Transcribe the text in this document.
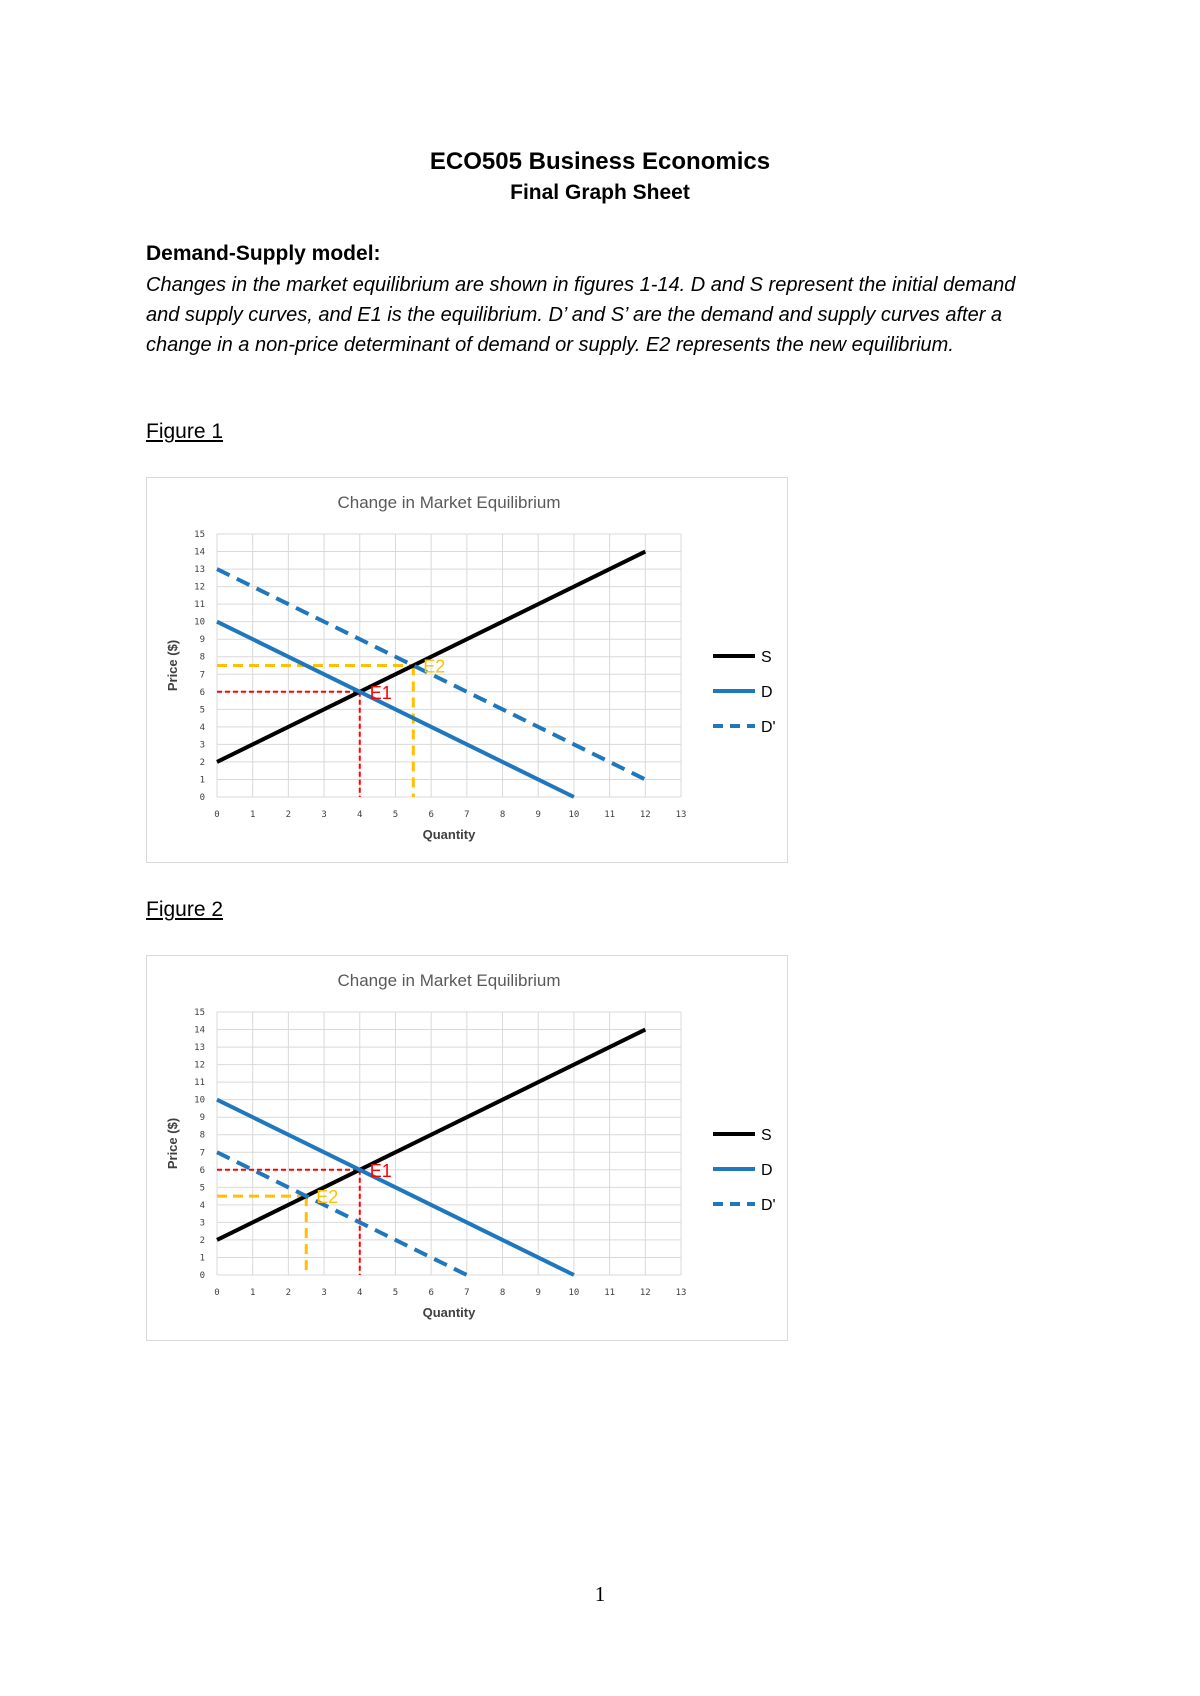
ECO505 Business Economics
Final Graph Sheet
Demand-Supply model:

Changes in the market equilibrium are shown in figures 1-14. D and S represent the initial demand and supply curves, and E1 is the equilibrium. D’ and S’ are the demand and supply curves after a change in a non-price determinant of demand or supply. E2 represents the new equilibrium.

Figure 1
Change in Market Equilibrium
0	1	2	3	4	5	6	7	8	9	10	11	12	13
0
1
2
3
4
5
6
7
8
9
10
11
12
13
14
15
Quantity
Price ($)
E1
E2	S
D
D'
Figure 2
Change in Market Equilibrium
0	1	2	3	4	5	6	7	8	9	10	11	12	13
0
1
2
3
4
5
6
7
8
9
10
11
12
13
14
15
Quantity
Price ($)
E1
E2
S
D
D'
1
